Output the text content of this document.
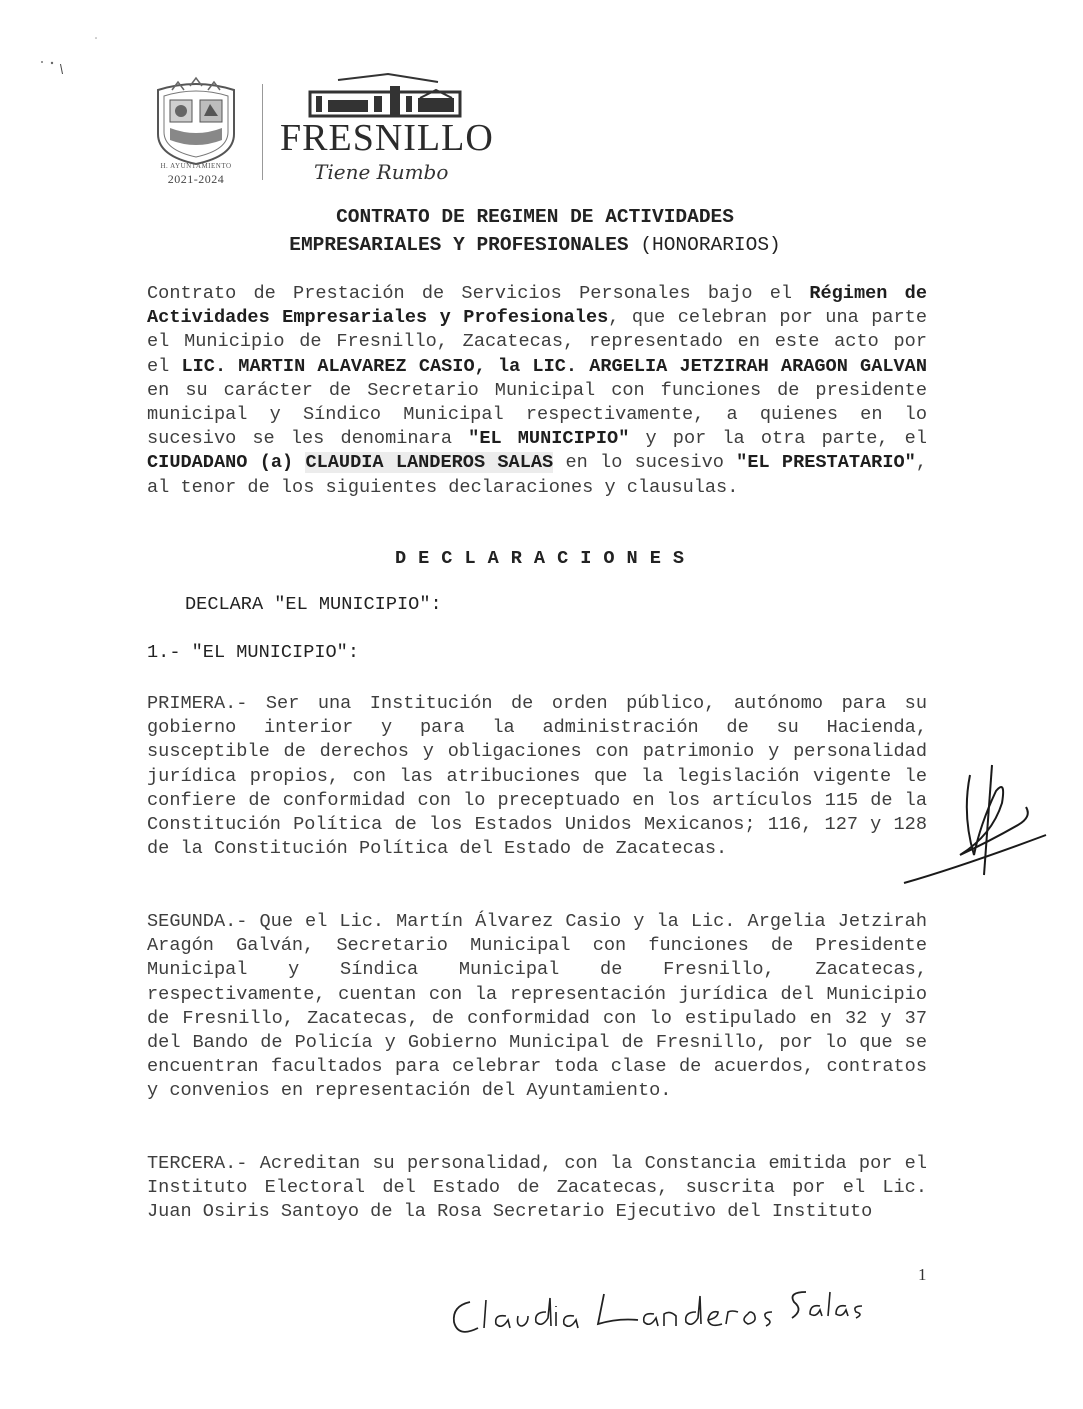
H. AYUNTAMIENTO
2021-2024
FRESNILLO
Tiene Rumbo
CONTRATO DE REGIMEN DE ACTIVIDADES
EMPRESARIALES Y PROFESIONALES (HONORARIOS)
Contrato de Prestación de Servicios Personales bajo el Régimen de Actividades Empresariales y Profesionales, que celebran por una parte el Municipio de Fresnillo, Zacatecas, representado en este acto por el LIC. MARTIN ALAVAREZ CASIO, la LIC. ARGELIA JETZIRAH ARAGON GALVAN en su carácter de Secretario Municipal con funciones de presidente municipal y Síndico Municipal respectivamente, a quienes en lo sucesivo se les denominara "EL MUNICIPIO" y por la otra parte, el CIUDADANO (a) CLAUDIA LANDEROS SALAS en lo sucesivo "EL PRESTATARIO", al tenor de los siguientes declaraciones y clausulas.
DECLARACIONES
DECLARA "EL MUNICIPIO":
1.- "EL MUNICIPIO":
PRIMERA.- Ser una Institución de orden público, autónomo para su gobierno interior y para la administración de su Hacienda, susceptible de derechos y obligaciones con patrimonio y personalidad jurídica propios, con las atribuciones que la legislación vigente le confiere de conformidad con lo preceptuado en los artículos 115 de la Constitución Política de los Estados Unidos Mexicanos; 116, 127 y 128 de la Constitución Política del Estado de Zacatecas.
SEGUNDA.- Que el Lic. Martín Álvarez Casio y la Lic. Argelia Jetzirah Aragón Galván, Secretario Municipal con funciones de Presidente Municipal y Síndica Municipal de Fresnillo, Zacatecas, respectivamente, cuentan con la representación jurídica del Municipio de Fresnillo, Zacatecas, de conformidad con lo estipulado en 32 y 37 del Bando de Policía y Gobierno Municipal de Fresnillo, por lo que se encuentran facultados para celebrar toda clase de acuerdos, contratos y convenios en representación del Ayuntamiento.
TERCERA.- Acreditan su personalidad, con la Constancia emitida por el Instituto Electoral del Estado de Zacatecas, suscrita por el Lic. Juan Osiris Santoyo de la Rosa Secretario Ejecutivo del Instituto
1
